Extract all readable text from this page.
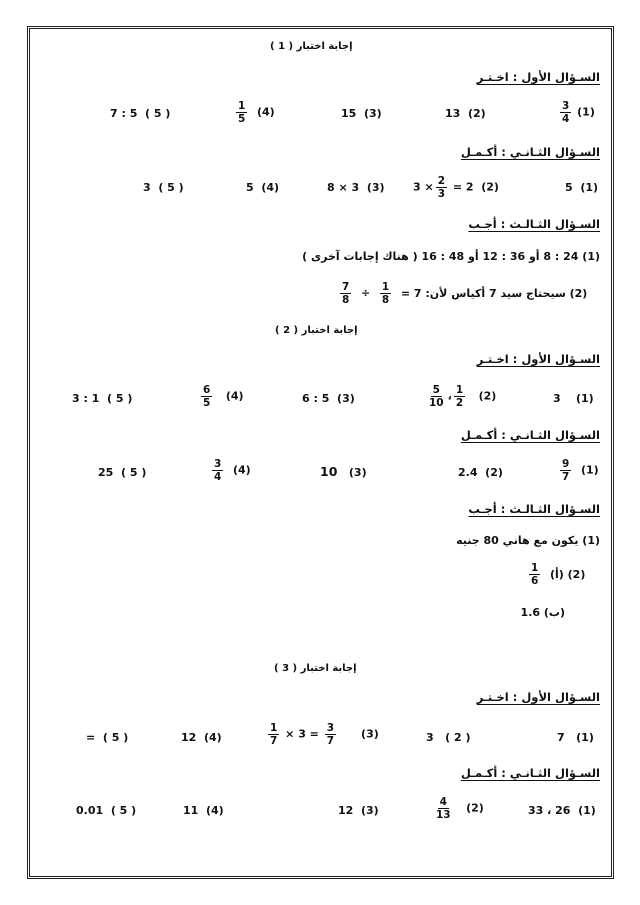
إجابة اختبار ( 1 )
السـؤال الأول : اخـتـر
$\frac{3}{4} (1)$
13 (2)
15 (3)
$\frac{1}{5} (4)$
7 : 5 ( 5 )
السـؤال الثـانـي : أكـمـل
5 (1)
$3 \times \frac{2}{3} = 2$ (2)
8 × 3 (3)
5 (4)
3 ( 5 )
السـؤال الثـالـث : أجـب
(1) 24 : 8 أو 36 : 12 أو 48 : 16 ( هناك إجابات آخرى )
$\frac{7}{8} \div \frac{1}{8} (2)$ سيحتاج سيد 7 أكياس لأن: 7 =
إجابة اختبار ( 2 )
السـؤال الأول : اخـتـر
3 (1)
$\frac{5}{10}$ ، $\frac{1}{2} (2)$
6 : 5 (3)
$\frac{6}{5} (4)$
3 : 1 ( 5 )
السـؤال الثـانـي : أكـمـل
$\frac{9}{7} (1)$
2.4 (2)
10 (3)
$\frac{3}{4} (4)$
25 ( 5 )
السـؤال الثـالـث : أجـب
(1) يكون مع هاني 80 جنيه
$\frac{1}{6} (2)$ (أ)
(ب) 1.6
إجابة اختبار ( 3 )
السـؤال الأول : اخـتـر
7 (1)
3 ( 2 )
$\frac{1}{7} \times 3 = \frac{3}{7} (3)$
12 (4)
= ( 5 )
السـؤال الثـانـي : أكـمـل
33 ، 26 (1)
$\frac{4}{13} (2)$
12 (3)
11 (4)
0.01 ( 5 )
